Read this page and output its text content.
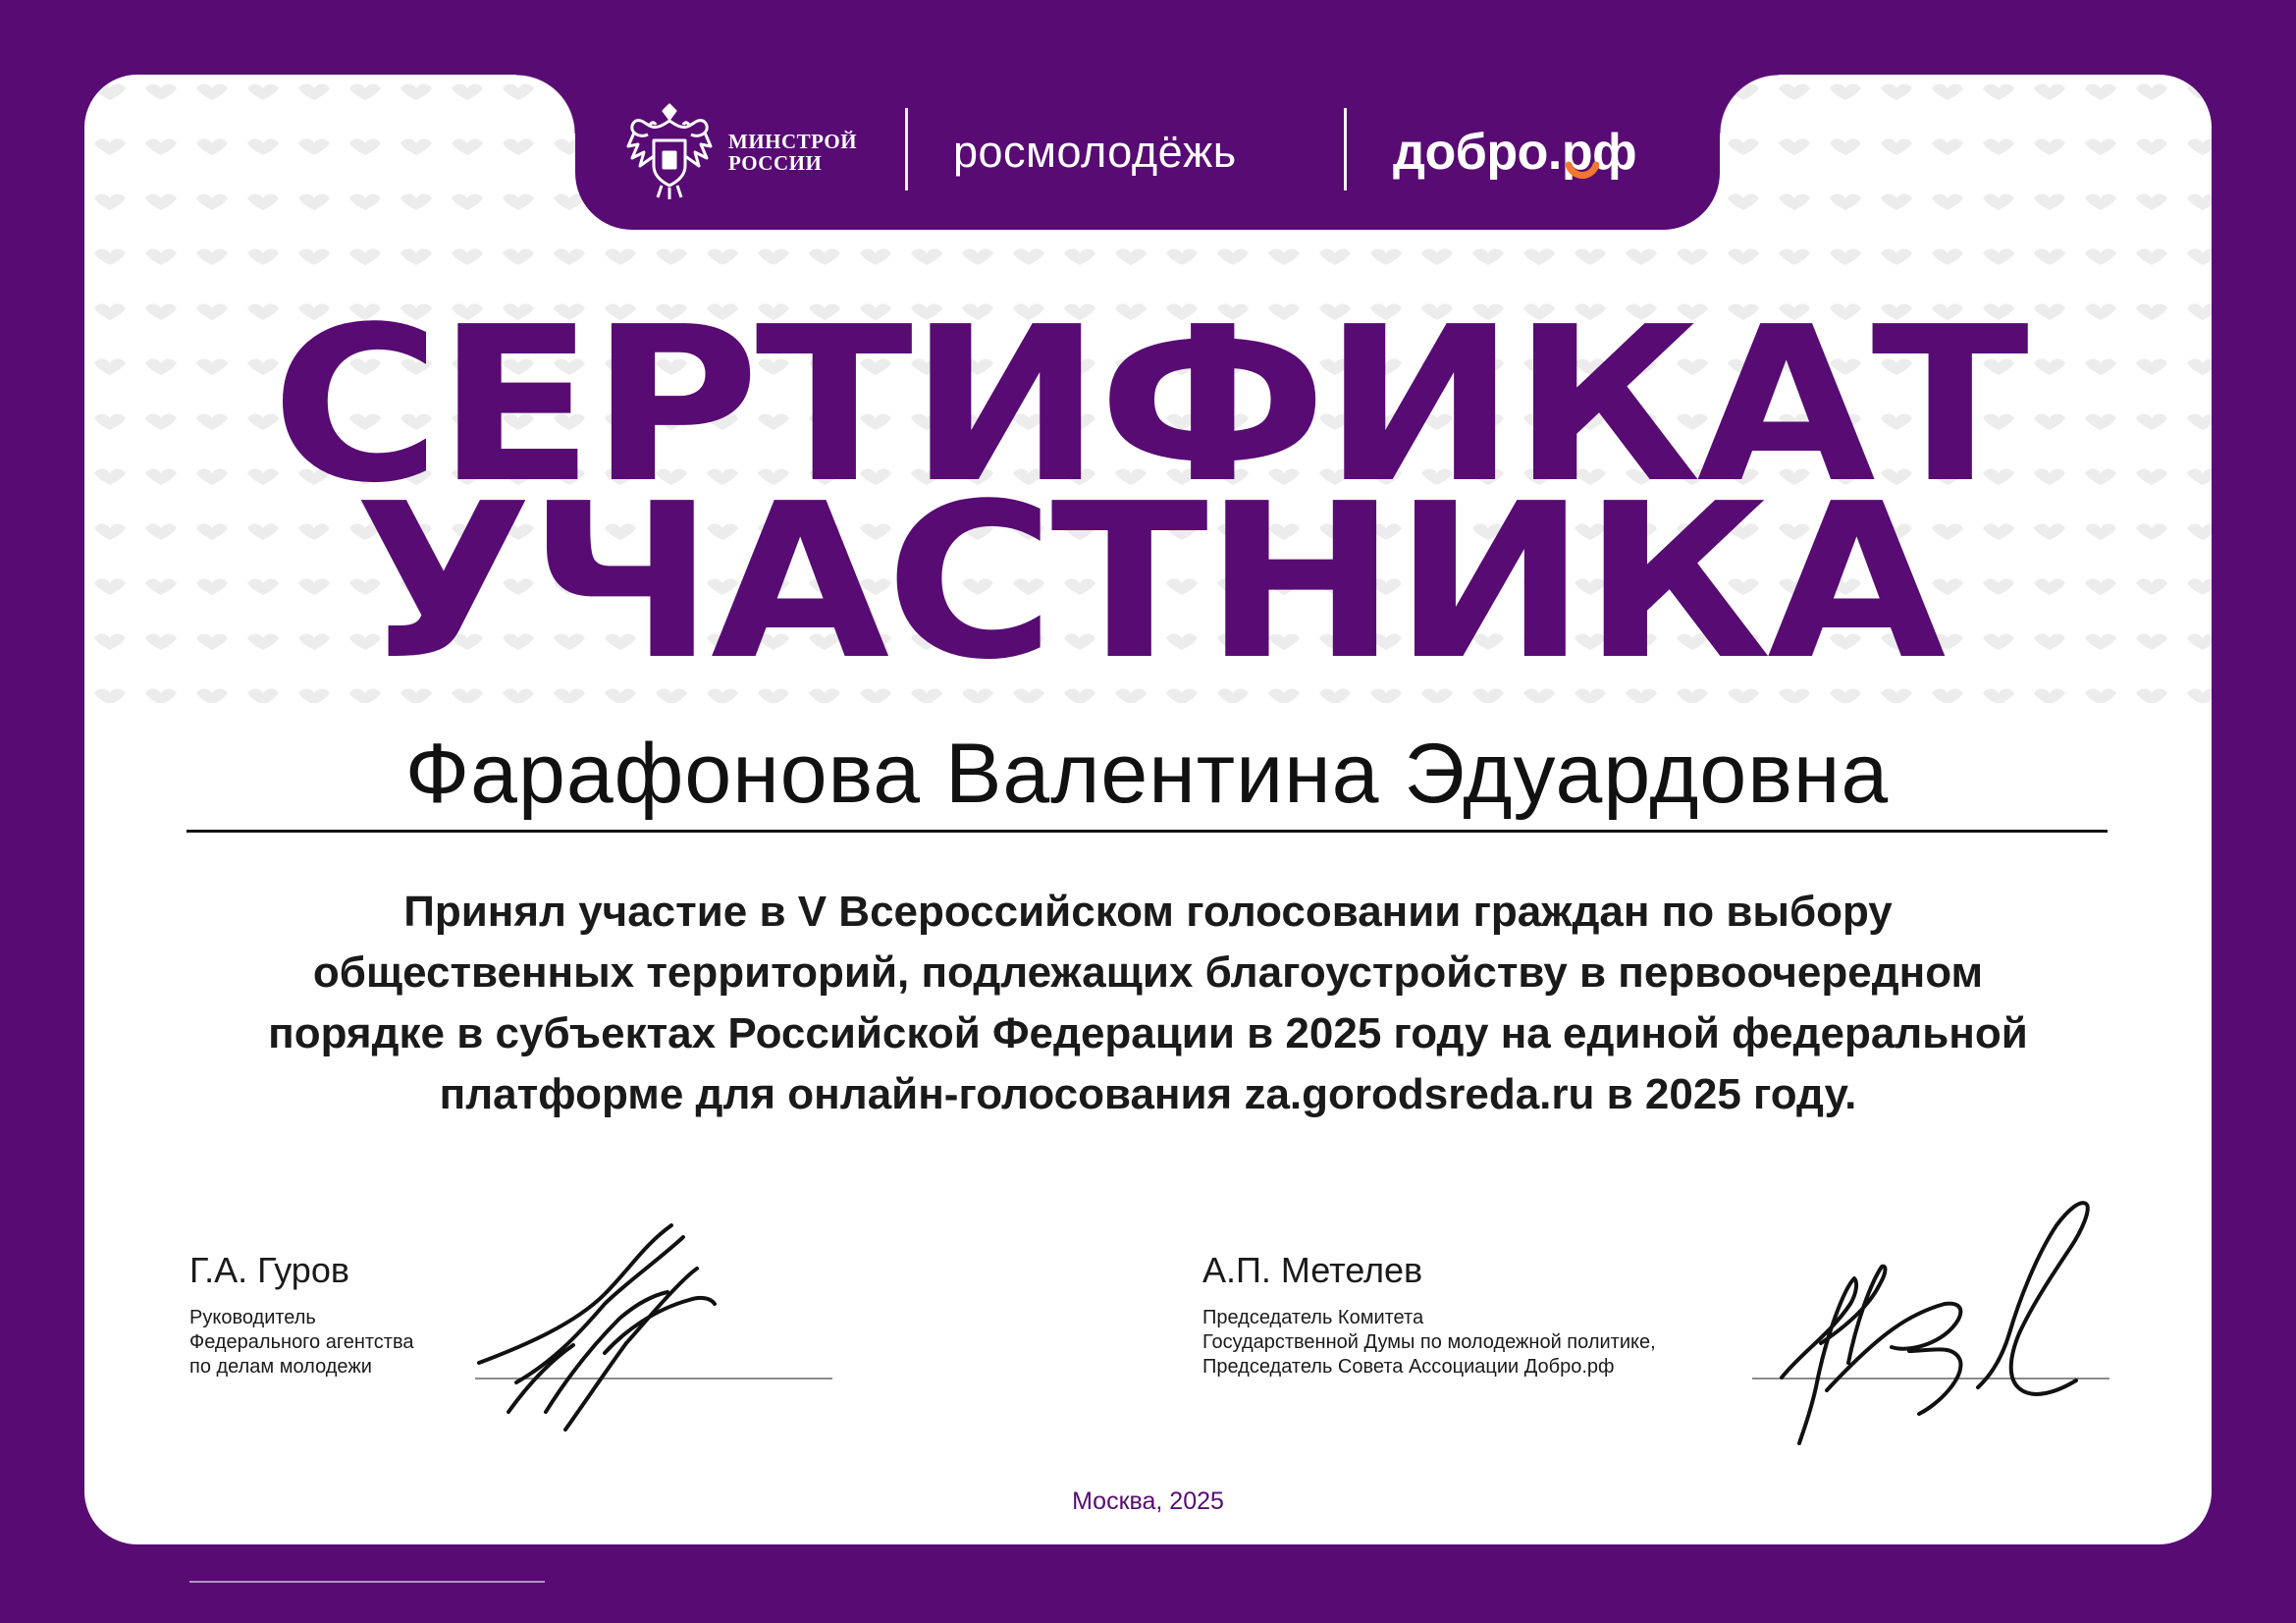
МИНСТРОЙ
РОССИИ	росмолодёжь	добро.рф
СЕРТИФИКАТ
УЧАСТНИКА
Фарафонова Валентина Эдуардовна

Принял участие в V Всероссийском голосовании граждан по выбору
общественных территорий, подлежащих благоустройству в первоочередном
порядке в субъектах Российской Федерации в 2025 году на единой федеральной
платформе для онлайн-голосования za.gorodsreda.ru в 2025 году.

Г.А. Гуров
Руководитель
Федерального агентства
по делам молодежи
А.П. Метелев
Председатель Комитета
Государственной Думы по молодежной политике,
Председатель Совета Ассоциации Добро.рф
Москва, 2025
